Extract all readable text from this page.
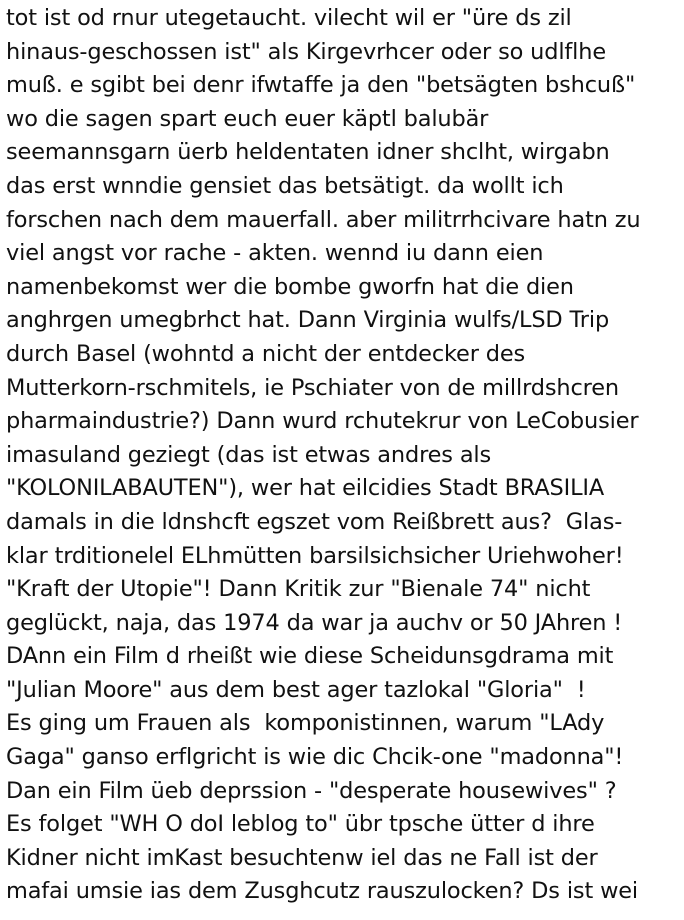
tot ist od rnur utegetaucht. vilecht wil er "üre ds zil
hinaus-geschossen ist" als Kirgevrhcer oder so udlflhe
muß. e sgibt bei denr ifwtaffe ja den "betsägten bshcuß"
wo die sagen spart euch euer käptl balubär
seemannsgarn üerb heldentaten idner shclht, wirgabn
das erst wnndie gensiet das betsätigt. da wollt ich
forschen nach dem mauerfall. aber militrrhcivare hatn zu
viel angst vor rache - akten. wennd iu dann eien
namenbekomst wer die bombe gworfn hat die dien
anghrgen umegbrhct hat. Dann Virginia wulfs/LSD Trip
durch Basel (wohntd a nicht der entdecker des
Mutterkorn-rschmitels, ie Pschiater von de millrdshcren
pharmaindustrie?) Dann wurd rchutekrur von LeCobusier
imasuland geziegt (das ist etwas andres als
"KOLONILABAUTEN"), wer hat eilcidies Stadt BRASILIA
damals in die ldnshcft egszet vom Reißbrett aus?  Glas-
klar trditionelel ELhmütten barsilsichsicher Uriehwoher!
"Kraft der Utopie"! Dann Kritik zur "Bienale 74" nicht
geglückt, naja, das 1974 da war ja auchv or 50 JAhren !
DAnn ein Film d rheißt wie diese Scheidunsgdrama mit
"Julian Moore" aus dem best ager tazlokal "Gloria"  !
Es ging um Frauen als  komponistinnen, warum "LAdy
Gaga" ganso erflgricht is wie dic Chcik-one "madonna"!
Dan ein Film üeb deprssion - "desperate housewives" ?
Es folget "WH O doI leblog to" übr tpsche ütter d ihre
Kidner nicht imKast besuchtenw iel das ne Fall ist der
mafai umsie ias dem Zusghcutz rauszulocken? Ds ist wei
